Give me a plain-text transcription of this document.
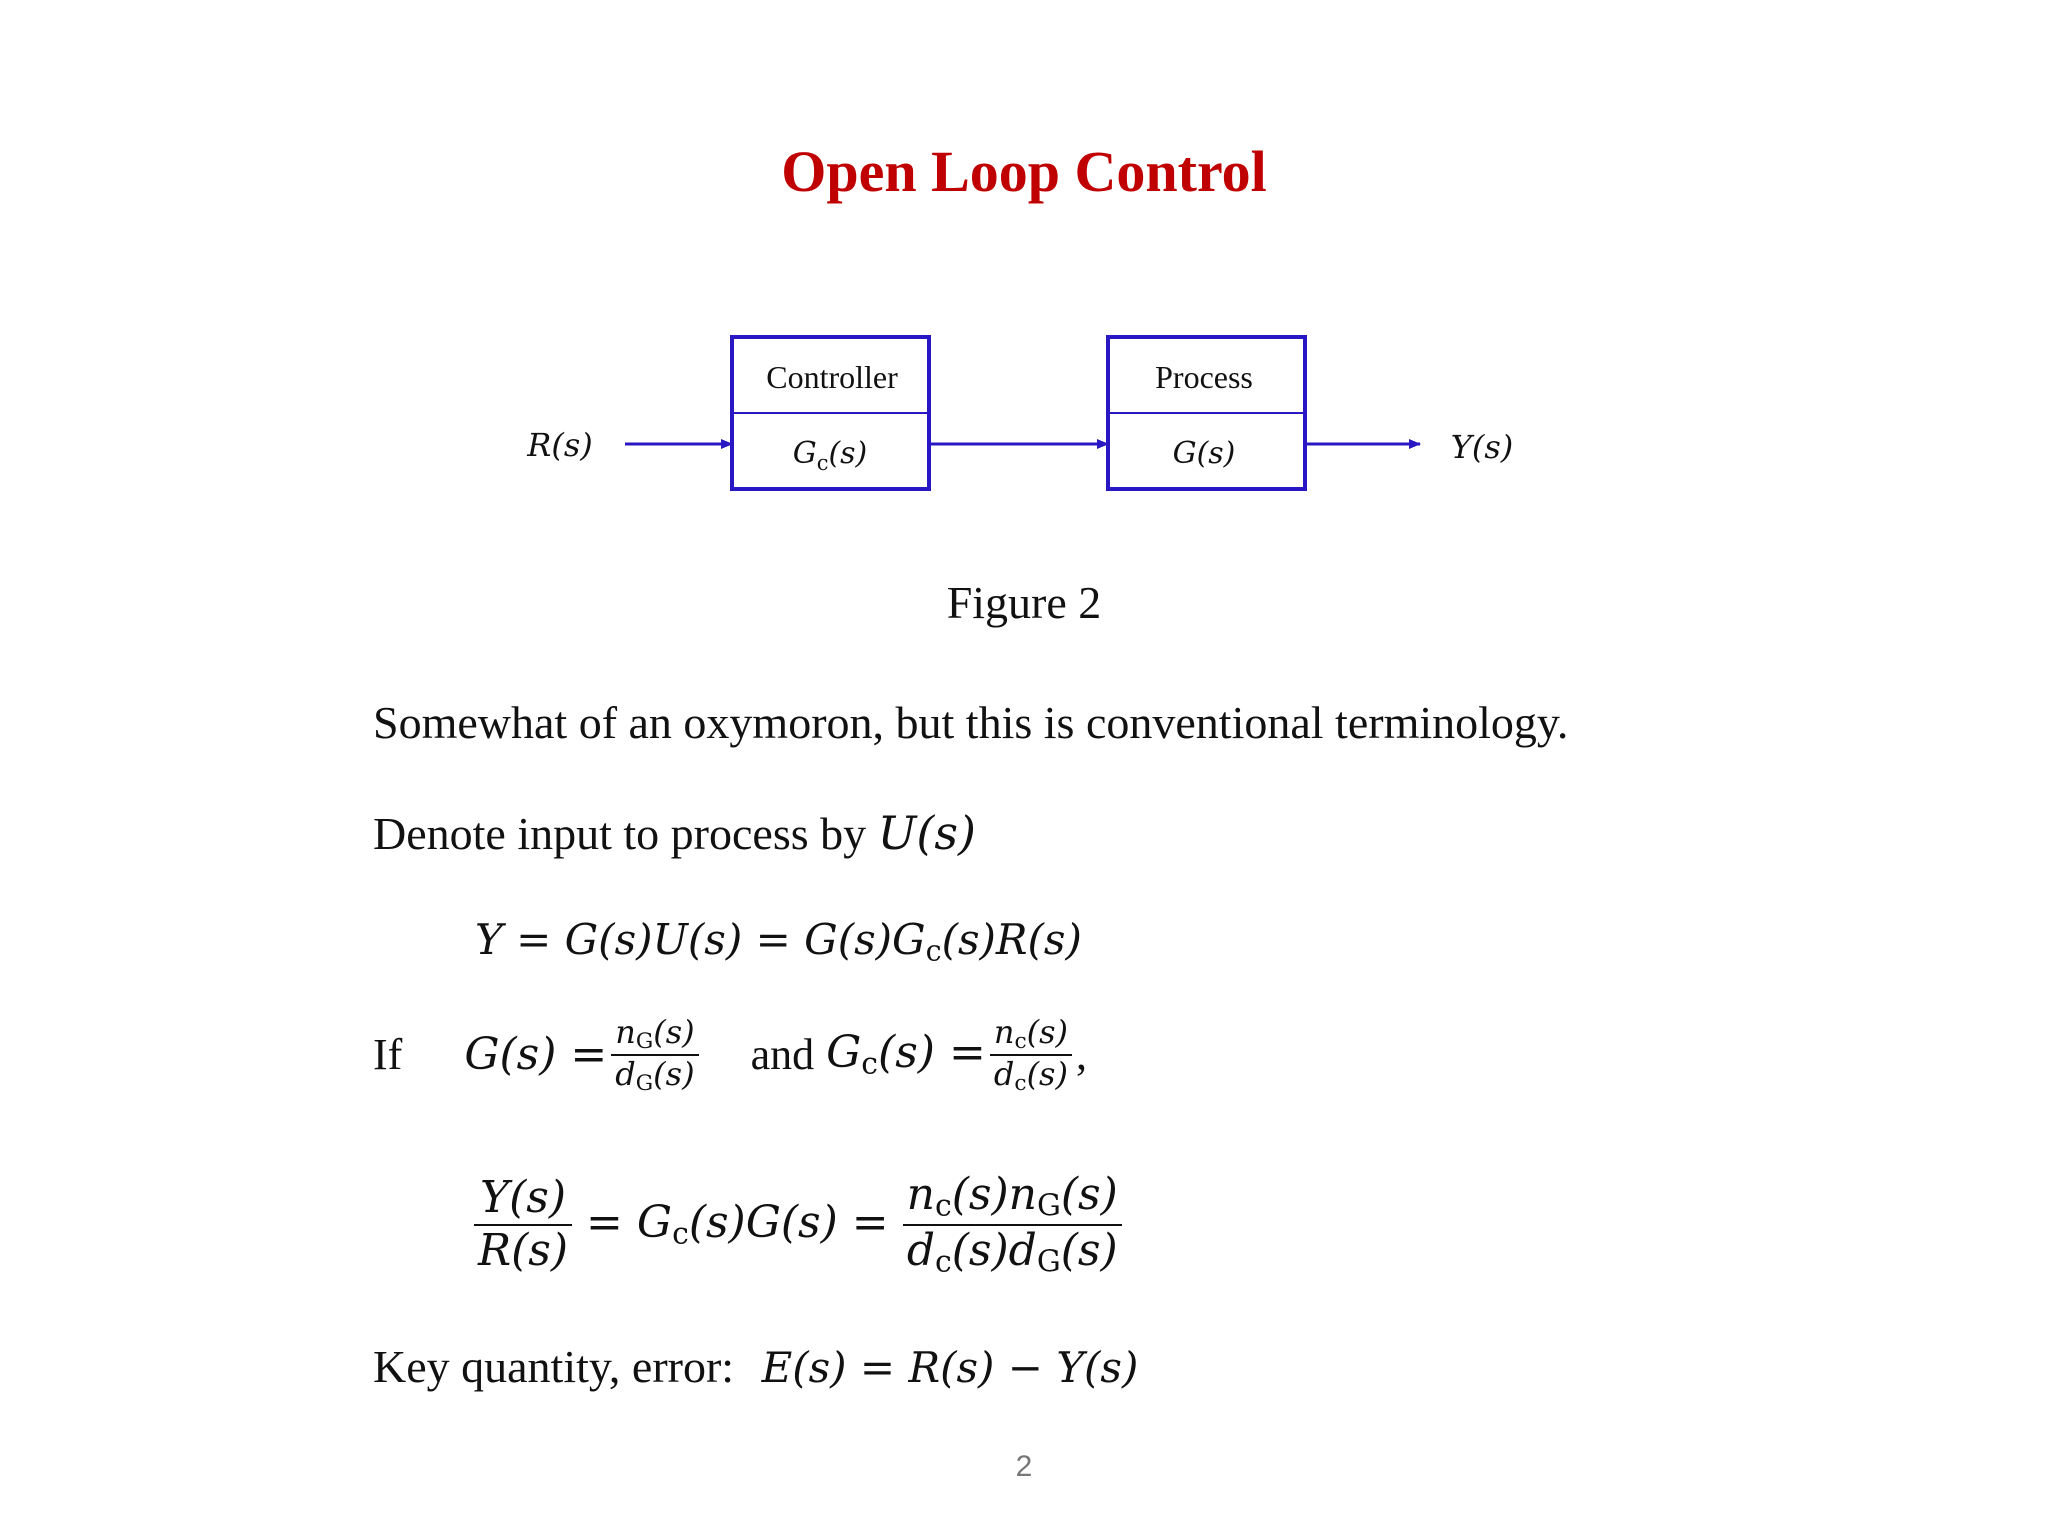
Open Loop Control
R(s)
Controller
$G_c(s)$
Process
G(s)	Y(s)
Figure 2
Somewhat of an oxymoron, but this is conventional terminology.
Denote input to process by U(s)
$Y = G(s)U(s) = G(s)G_c(s)R(s)$
If $G(s) = \frac{n_G(s)}{d_G(s)}$ and $G_c(s) = \frac{n_c(s)}{d_c(s)}$ ,
$\frac{Y(s)}{R(s)} = G_c(s)G(s) = \frac{n_c(s)n_G(s)}{d_c(s)d_G(s)}$
Key quantity, error: E(s) = R(s) − Y(s)
2
